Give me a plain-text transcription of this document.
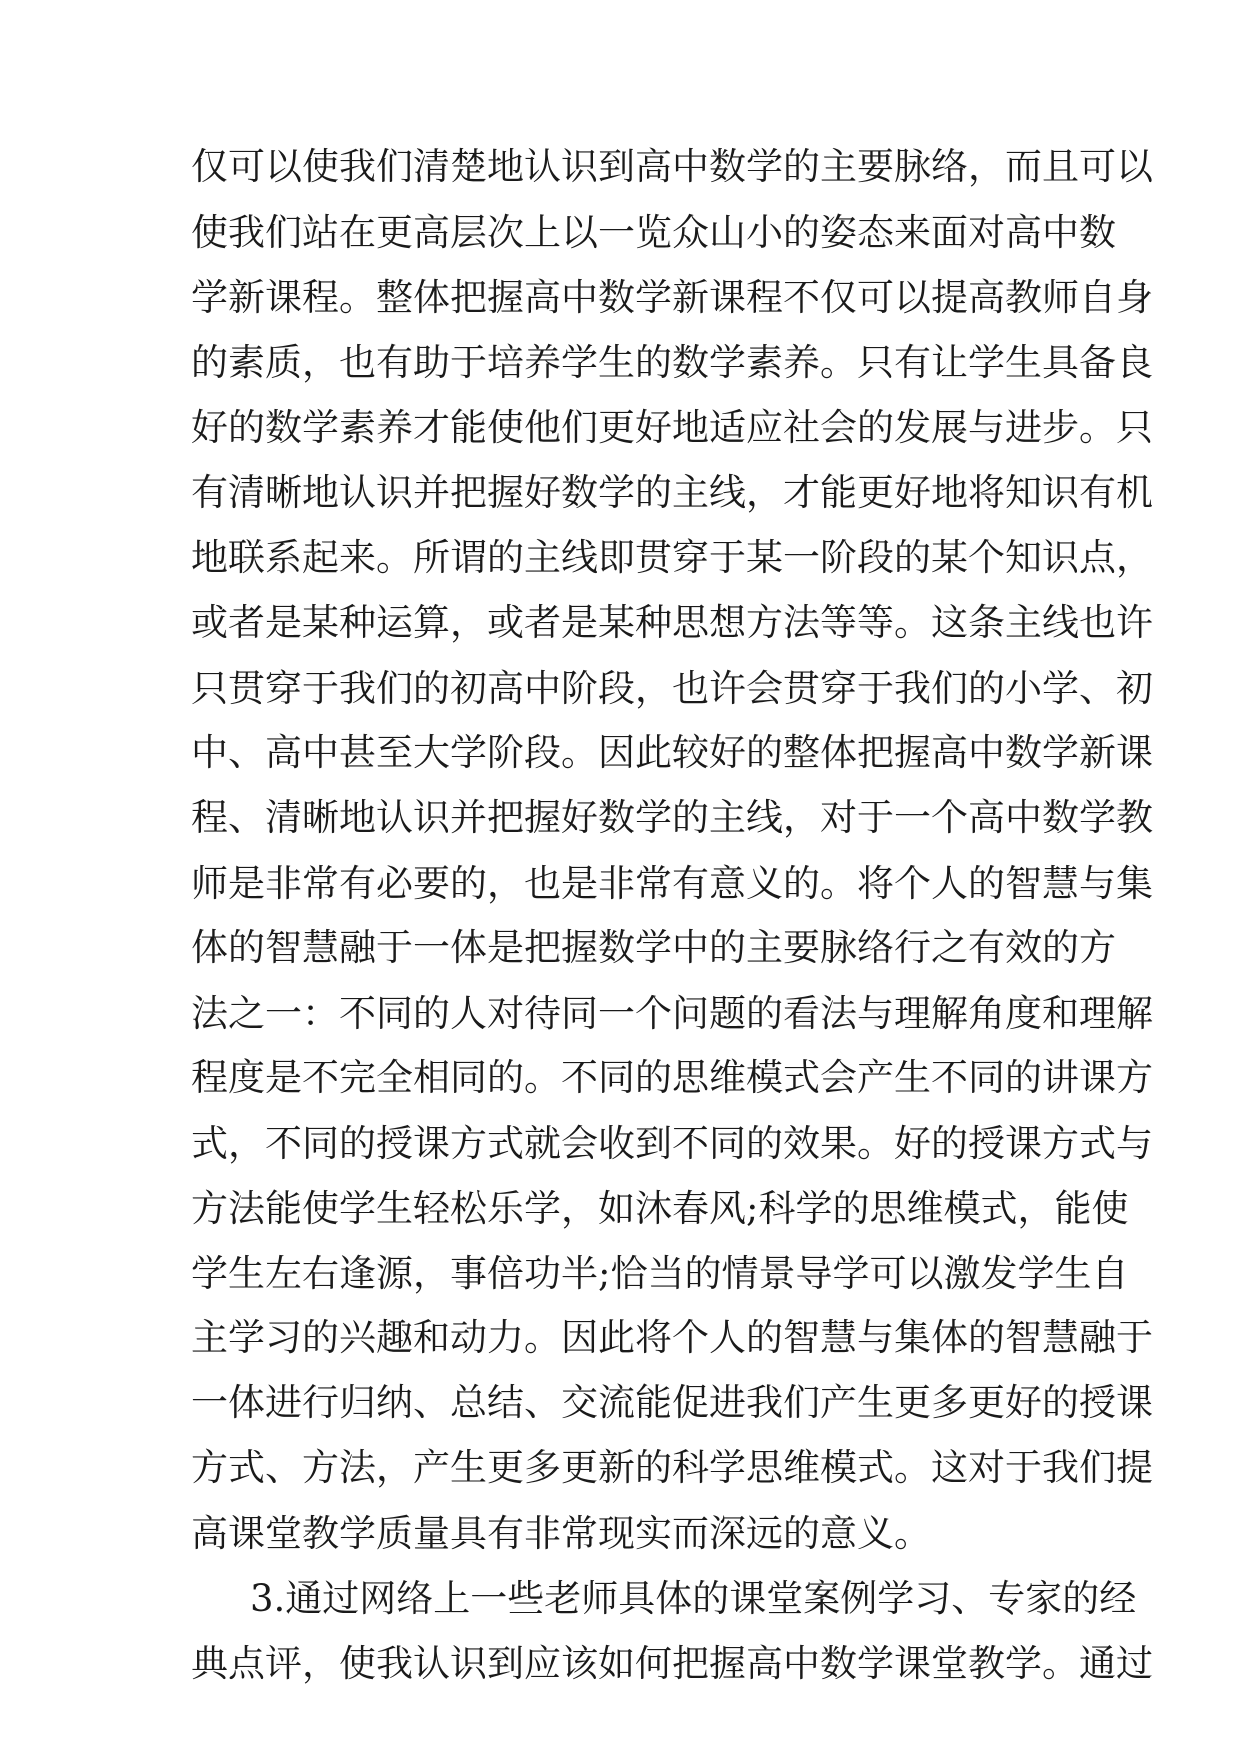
仅可以使我们清楚地认识到高中数学的主要脉络，而且可以

使我们站在更高层次上以一览众山小的姿态来面对高中数

学新课程。整体把握高中数学新课程不仅可以提高教师自身

的素质，也有助于培养学生的数学素养。只有让学生具备良

好的数学素养才能使他们更好地适应社会的发展与进步。只

有清晰地认识并把握好数学的主线，才能更好地将知识有机

地联系起来。所谓的主线即贯穿于某一阶段的某个知识点，

或者是某种运算，或者是某种思想方法等等。这条主线也许

只贯穿于我们的初高中阶段，也许会贯穿于我们的小学、初

中、高中甚至大学阶段。因此较好的整体把握高中数学新课

程、清晰地认识并把握好数学的主线，对于一个高中数学教

师是非常有必要的，也是非常有意义的。将个人的智慧与集

体的智慧融于一体是把握数学中的主要脉络行之有效的方

法之一：不同的人对待同一个问题的看法与理解角度和理解

程度是不完全相同的。不同的思维模式会产生不同的讲课方

式，不同的授课方式就会收到不同的效果。好的授课方式与

方法能使学生轻松乐学，如沐春风;科学的思维模式，能使

学生左右逢源，事倍功半;恰当的情景导学可以激发学生自

主学习的兴趣和动力。因此将个人的智慧与集体的智慧融于

一体进行归纳、总结、交流能促进我们产生更多更好的授课

方式、方法，产生更多更新的科学思维模式。这对于我们提

高课堂教学质量具有非常现实而深远的意义。

3.通过网络上一些老师具体的课堂案例学习、专家的经

典点评，使我认识到应该如何把握高中数学课堂教学。通过
